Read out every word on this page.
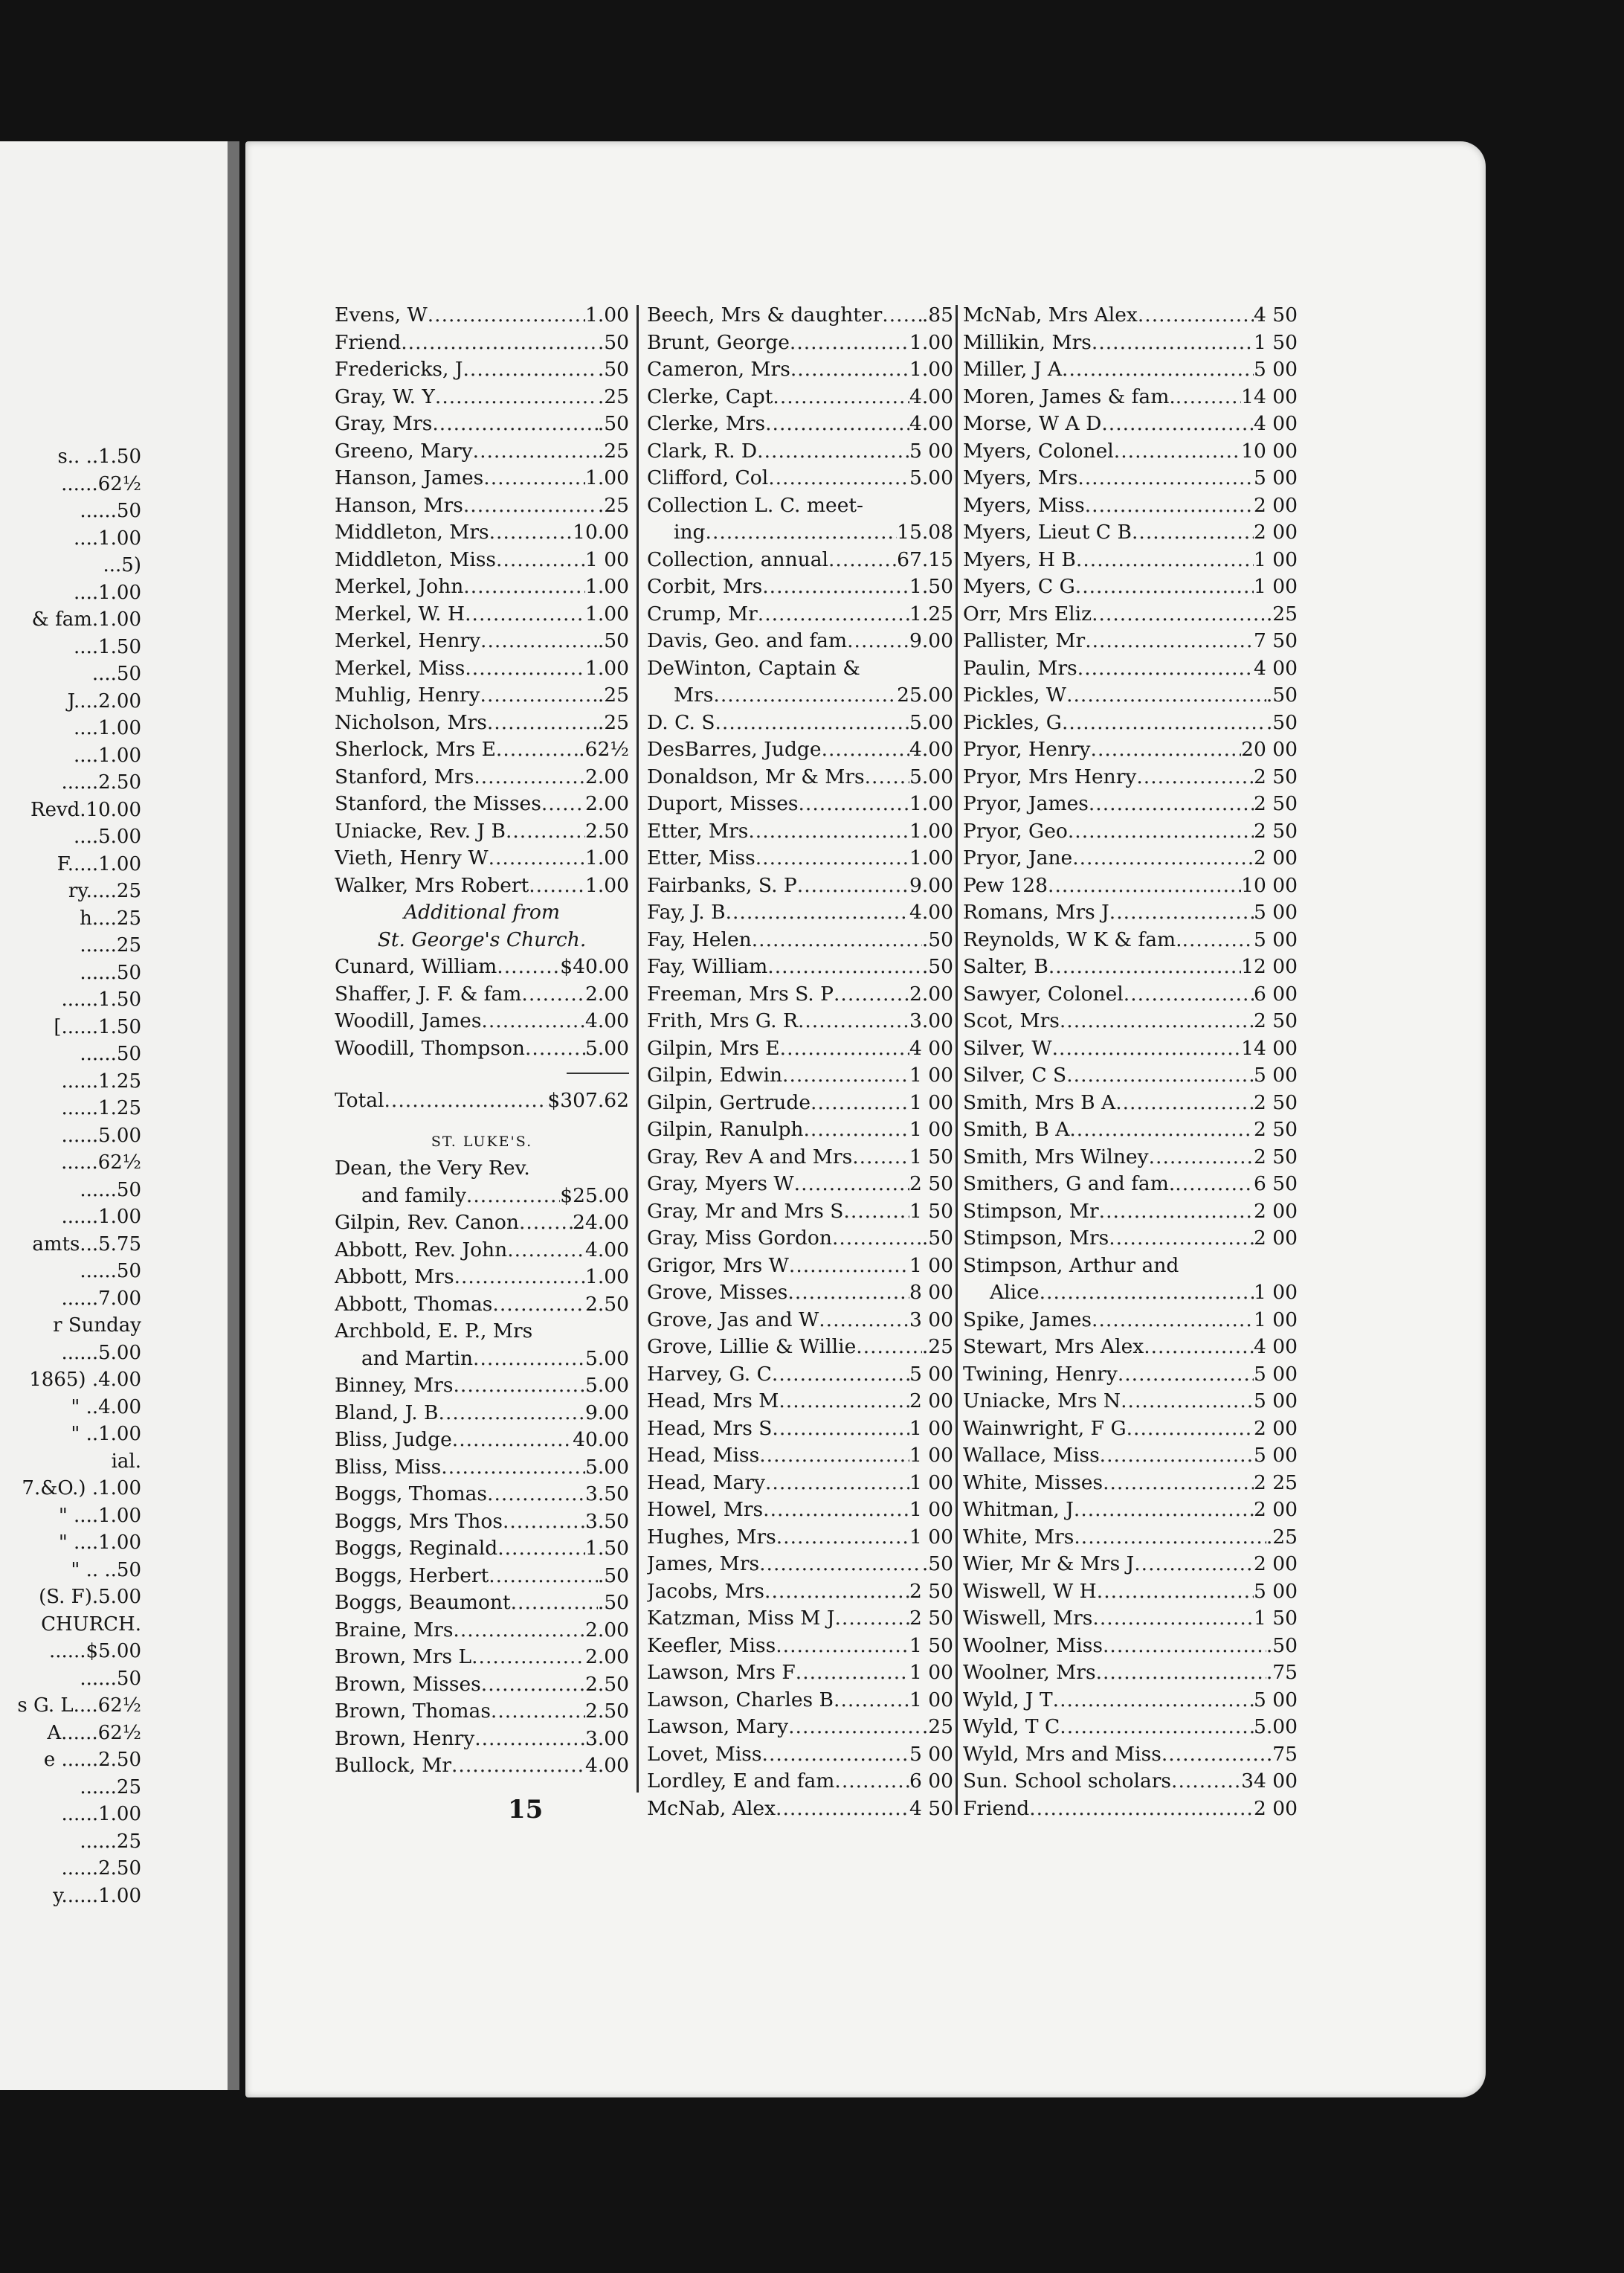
s.. ..1.50
......62½
......50
....1.00
...5)
....1.00
& fam.1.00
....1.50
....50
J....2.00
....1.00
....1.00
......2.50
Revd.10.00
....5.00
F.....1.00
ry.....25
h....25
......25
......50
......1.50
[......1.50
......50
......1.25
......1.25
......5.00
......62½
......50
......1.00
amts...5.75
......50
......7.00
r Sunday
......5.00
1865) .4.00
" ..4.00
" ..1.00
ial.
7.&O.) .1.00
" ....1.00
" ....1.00
" .. ..50
(S. F).5.00
CHURCH.
......$5.00
......50
s G. L....62½
A......62½
e ......2.50
......25
......1.00
......25
......2.50
y......1.00
Evens, W .....	1.00
Friend .....	.50
Fredericks, J .....	.50
Gray, W. Y .....	.25
Gray, Mrs .....	.50
Greeno, Mary .....	.25
Hanson, James .....	1.00
Hanson, Mrs .....	.25
Middleton, Mrs .....	10.00
Middleton, Miss .....	1 00
Merkel, John .....	1.00
Merkel, W. H .....	1.00
Merkel, Henry .....	.50
Merkel, Miss .....	1.00
Muhlig, Henry .....	.25
Nicholson, Mrs .....	.25
Sherlock, Mrs E .....	.62½
Stanford, Mrs .....	2.00
Stanford, the Misses ..... 2.00
Uniacke, Rev. J B .....	2.50
Vieth, Henry W .....	1.00
Walker, Mrs Robert .....	1.00
Additional from
St. George's Church.
Cunard, William .....	$40.00
Shaffer, J. F. & fam .....	2.00
Woodill, James .....	4.00
Woodill, Thompson .....	5.00
Total .....	$307.62
ST. LUKE'S.
Dean, the Very Rev.
and family .....	$25.00
Gilpin, Rev. Canon .....	24.00
Abbott, Rev. John .....	4.00
Abbott, Mrs .....	1.00
Abbott, Thomas .....	2.50
Archbold, E. P., Mrs
and Martin .....	5.00
Binney, Mrs .....	5.00
Bland, J. B .....	9.00
Bliss, Judge .....	40.00
Bliss, Miss .....	5.00
Boggs, Thomas .....	3.50
Boggs, Mrs Thos .....	3.50
Boggs, Reginald .....	1.50
Boggs, Herbert .....	.50
Boggs, Beaumont .....	.50
Braine, Mrs .....	2.00
Brown, Mrs L .....	2.00
Brown, Misses .....	2.50
Brown, Thomas .....	2.50
Brown, Henry .....	3.00
Bullock, Mr .....	4.00
Beech, Mrs & daughter ..... .85
Brunt, George .....	1.00
Cameron, Mrs .....	1.00
Clerke, Capt .....	4.00
Clerke, Mrs .....	4.00
Clark, R. D .....	5 00
Clifford, Col .....	5.00
Collection L. C. meet-
ing .....	15.08
Collection, annual .....	67.15
Corbit, Mrs .....	1.50
Crump, Mr .....	1.25
Davis, Geo. and fam .....	9.00
DeWinton, Captain &
Mrs .....	25.00
D. C. S .....	5.00
DesBarres, Judge .....	4.00
Donaldson, Mr & Mrs ..... 5.00
Duport, Misses .....	1.00
Etter, Mrs .....	1.00
Etter, Miss .....	1.00
Fairbanks, S. P .....	9.00
Fay, J. B .....	4.00
Fay, Helen .....	.50
Fay, William .....	.50
Freeman, Mrs S. P .....	2.00
Frith, Mrs G. R .....	3.00
Gilpin, Mrs E .....	4 00
Gilpin, Edwin .....	1 00
Gilpin, Gertrude .....	1 00
Gilpin, Ranulph .....	1 00
Gray, Rev A and Mrs .....	1 50
Gray, Myers W .....	2 50
Gray, Mr and Mrs S .....	1 50
Gray, Miss Gordon .....	.50
Grigor, Mrs W .....	1 00
Grove, Misses .....	8 00
Grove, Jas and W .....	3 00
Grove, Lillie & Willie .....	.25
Harvey, G. C .....	5 00
Head, Mrs M .....	2 00
Head, Mrs S .....	1 00
Head, Miss .....	1 00
Head, Mary .....	1 00
Howel, Mrs .....	1 00
Hughes, Mrs .....	1 00
James, Mrs .....	.50
Jacobs, Mrs .....	2 50
Katzman, Miss M J .....	2 50
Keefler, Miss .....	1 50
Lawson, Mrs F .....	1 00
Lawson, Charles B .....	1 00
Lawson, Mary .....	.25
Lovet, Miss .....	5 00
Lordley, E and fam .....	6 00
McNab, Alex .....	4 50
McNab, Mrs Alex .....	4 50
Millikin, Mrs .....	1 50
Miller, J A .....	5 00
Moren, James & fam. .....	14 00
Morse, W A D .....	4 00
Myers, Colonel .....	10 00
Myers, Mrs .....	5 00
Myers, Miss .....	2 00
Myers, Lieut C B .....	2 00
Myers, H B .....	1 00
Myers, C G .....	1 00
Orr, Mrs Eliz .....	.25
Pallister, Mr .....	7 50
Paulin, Mrs .....	4 00
Pickles, W .....	.50
Pickles, G .....	.50
Pryor, Henry .....	20 00
Pryor, Mrs Henry .....	2 50
Pryor, James .....	2 50
Pryor, Geo .....	2 50
Pryor, Jane .....	2 00
Pew 128 .....	10 00
Romans, Mrs J .....	5 00
Reynolds, W K & fam. .....	5 00
Salter, B .....	12 00
Sawyer, Colonel .....	6 00
Scot, Mrs .....	2 50
Silver, W .....	14 00
Silver, C S .....	5 00
Smith, Mrs B A .....	2 50
Smith, B A .....	2 50
Smith, Mrs Wilney .....	2 50
Smithers, G and fam. .....	6 50
Stimpson, Mr .....	2 00
Stimpson, Mrs .....	2 00
Stimpson, Arthur and
Alice .....	1 00
Spike, James .....	1 00
Stewart, Mrs Alex .....	4 00
Twining, Henry .....	5 00
Uniacke, Mrs N .....	5 00
Wainwright, F G .....	2 00
Wallace, Miss .....	5 00
White, Misses .....	2 25
Whitman, J .....	2 00
White, Mrs .....	.25
Wier, Mr & Mrs J .....	2 00
Wiswell, W H .....	5 00
Wiswell, Mrs .....	1 50
Woolner, Miss .....	.50
Woolner, Mrs .....	.75
Wyld, J T .....	5 00
Wyld, T C .....	5.00
Wyld, Mrs and Miss .....	.75
Sun. School scholars .....	34 00
Friend .....	2 00
15
